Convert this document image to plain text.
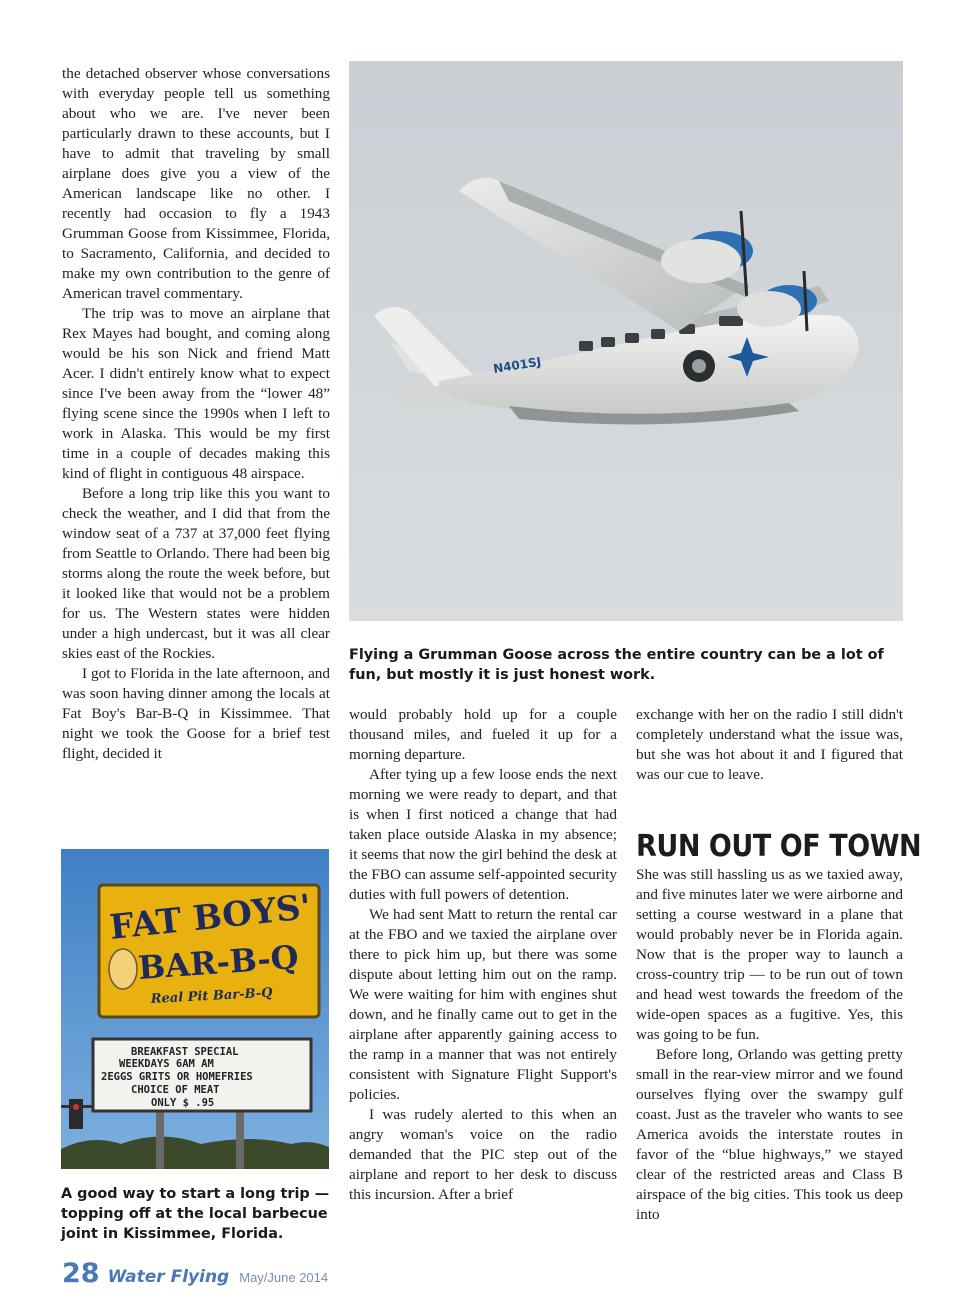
the detached observer whose conversations with everyday people tell us something about who we are. I've never been particularly drawn to these accounts, but I have to admit that traveling by small airplane does give you a view of the American landscape like no other. I recently had occasion to fly a 1943 Grumman Goose from Kissimmee, Florida, to Sacramento, California, and decided to make my own contribution to the genre of American travel commentary.

The trip was to move an airplane that Rex Mayes had bought, and coming along would be his son Nick and friend Matt Acer. I didn't entirely know what to expect since I've been away from the “lower 48” flying scene since the 1990s when I left to work in Alaska. This would be my first time in a couple of decades making this kind of flight in contiguous 48 airspace.

Before a long trip like this you want to check the weather, and I did that from the window seat of a 737 at 37,000 feet flying from Seattle to Orlando. There had been big storms along the route the week before, but it looked like that would not be a problem for us. The Western states were hidden under a high undercast, but it was all clear skies east of the Rockies.

I got to Florida in the late afternoon, and was soon having dinner among the locals at Fat Boy's Bar-B-Q in Kissimmee. That night we took the Goose for a brief test flight, decided it

N401SJ
Flying a Grumman Goose across the entire country can be a lot of fun, but mostly it is just honest work.

would probably hold up for a couple thousand miles, and fueled it up for a morning departure.

After tying up a few loose ends the next morning we were ready to depart, and that is when I first noticed a change that had taken place outside Alaska in my absence; it seems that now the girl behind the desk at the FBO can assume self-appointed security duties with full powers of detention.

We had sent Matt to return the rental car at the FBO and we taxied the airplane over there to pick him up, but there was some dispute about letting him out on the ramp. We were waiting for him with engines shut down, and he finally came out to get in the airplane after apparently gaining access to the ramp in a manner that was not entirely consistent with Signature Flight Support's policies.

I was rudely alerted to this when an angry woman's voice on the radio demanded that the PIC step out of the airplane and report to her desk to discuss this incursion. After a brief

exchange with her on the radio I still didn't completely understand what the issue was, but she was hot about it and I figured that was our cue to leave.

RUN OUT OF TOWN

She was still hassling us as we taxied away, and five minutes later we were airborne and setting a course westward in a plane that would probably never be in Florida again. Now that is the proper way to launch a cross-country trip — to be run out of town and head west towards the freedom of the wide-open spaces as a fugitive. Yes, this was going to be fun.

Before long, Orlando was getting pretty small in the rear-view mirror and we found ourselves flying over the swampy gulf coast. Just as the traveler who wants to see America avoids the interstate routes in favor of the “blue highways,” we stayed clear of the restricted areas and Class B airspace of the big cities. This took us deep into

FAT BOYS'
BAR-B-Q
Real Pit Bar-B-Q
BREAKFAST SPECIAL
WEEKDAYS 6AM AM
2EGGS GRITS OR HOMEFRIES
CHOICE OF MEAT
ONLY $ .95
A good way to start a long trip — topping off at the local barbecue joint in Kissimmee, Florida.
28 Water Flying May/June 2014
